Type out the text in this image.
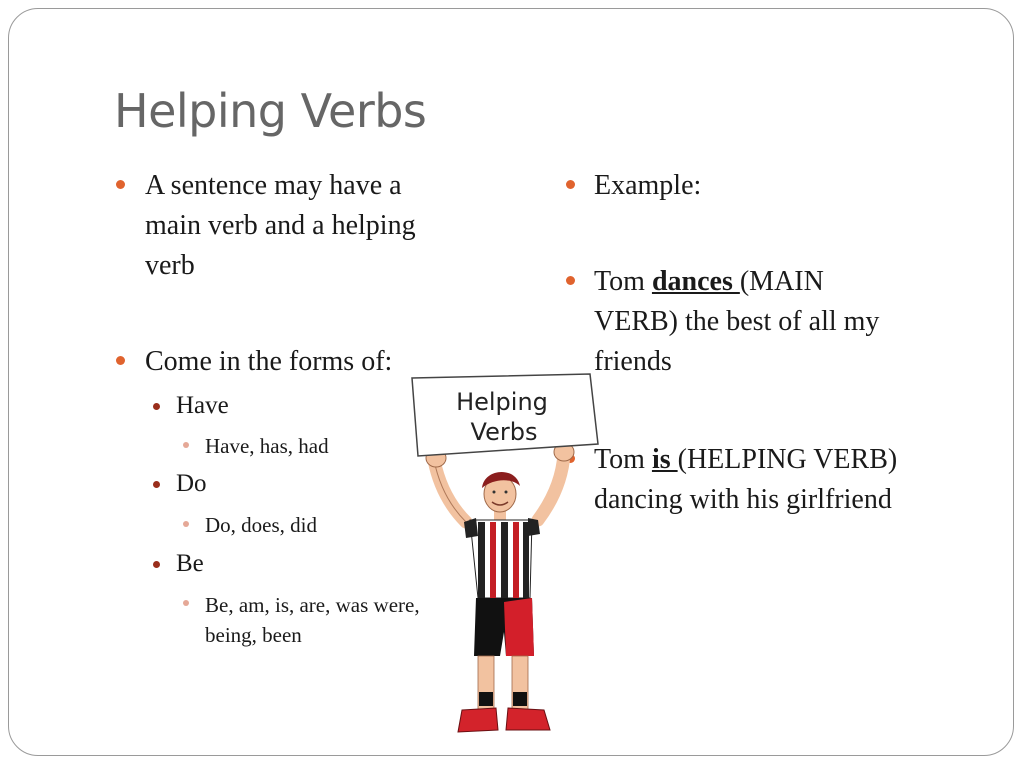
Helping Verbs
A sentence may have a
main verb and a helping
verb
Come in the forms of:
Have
Have, has, had
Do
Do, does, did
Be
Be, am, is, are, was were,
being, been
Example:
Tom dances (MAIN
VERB) the best of all my
friends
Tom is (HELPING VERB)
dancing with his girlfriend
Helping
Verbs
